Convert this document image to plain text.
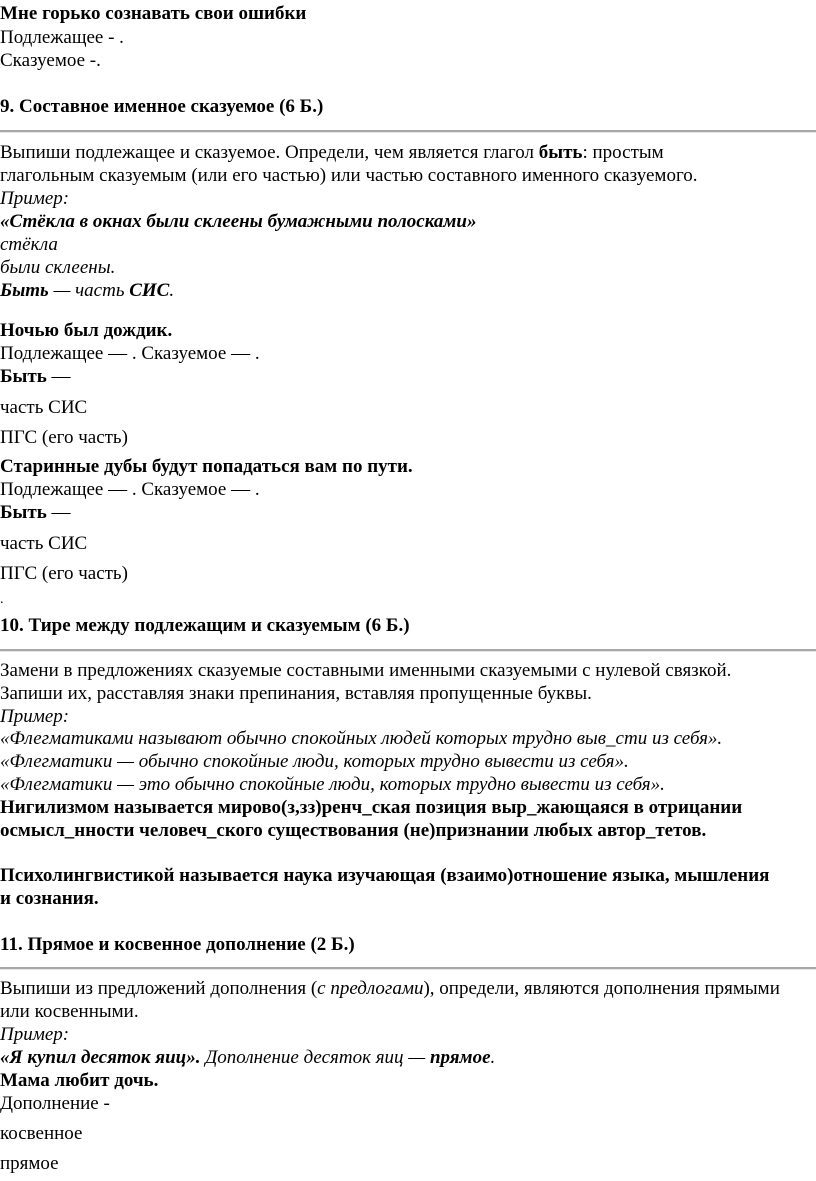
Мне горько сознавать свои ошибки
Подлежащее - .
Сказуемое -.
9. Составное именное сказуемое (6 Б.)
Выпиши подлежащее и сказуемое. Определи, чем является глагол быть: простым
глагольным сказуемым (или его частью) или частью составного именного сказуемого.
Пример:
«Стёкла в окнах были склеены бумажными полосками»
стёкла
были склеены.
Быть — часть СИС.
Ночью был дождик.
Подлежащее — . Сказуемое — .
Быть —
часть СИС
ПГС (его часть)
Старинные дубы будут попадаться вам по пути.
Подлежащее — . Сказуемое — .
Быть —
часть СИС
ПГС (его часть)
.
10. Тире между подлежащим и сказуемым (6 Б.)
Замени в предложениях сказуемые составными именными сказуемыми с нулевой связкой.
Запиши их, расставляя знаки препинания, вставляя пропущенные буквы.
Пример:
«Флегматиками называют обычно спокойных людей которых трудно выв_сти из себя».
«Флегматики — обычно спокойные люди, которых трудно вывести из себя».
«Флегматики — это обычно спокойные люди, которых трудно вывести из себя».
Нигилизмом называется мирово(з,зз)ренч_ская позиция выр_жающаяся в отрицании
осмысл_нности человеч_ского существования (не)признании любых автор_тетов.
Психолингвистикой называется наука изучающая (взаимо)отношение языка, мышления
и сознания.
11. Прямое и косвенное дополнение (2 Б.)
Выпиши из предложений дополнения (с предлогами), определи, являются дополнения прямыми
или косвенными.
Пример:
«Я купил десяток яиц». Дополнение десяток яиц — прямое.
Мама любит дочь.
Дополнение -
косвенное
прямое
